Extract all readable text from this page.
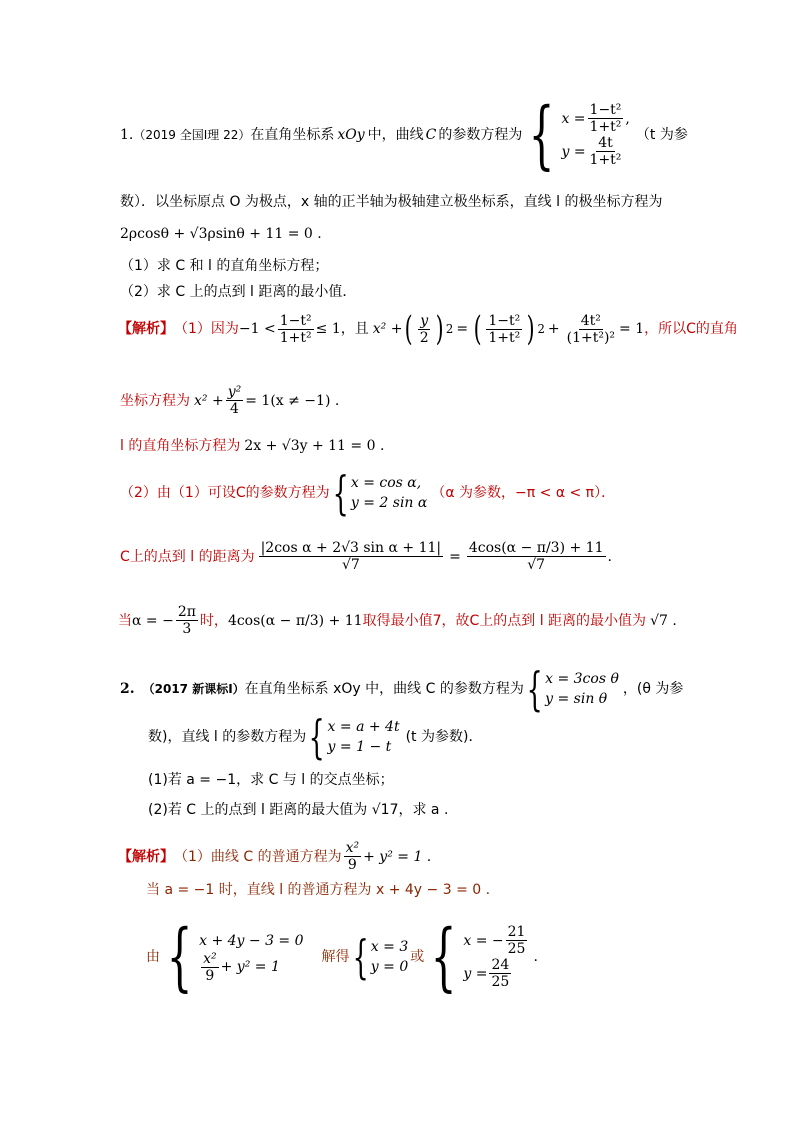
1. （2019 全国Ⅰ理 22） 在直角坐标系 xOy 中，曲线 C 的参数方程为 { $x = \frac{\text{1−t²}}{\text{1+t²}}$ ,
$y = \frac{4t}{\text{1+t²}} (t$ 为参
数）．以坐标原点 O 为极点，x 轴的正半轴为极轴建立极坐标系，直线 l 的极坐标方程为
2ρcosθ + √3ρsinθ + 11 = 0 .
（1）求 C 和 l 的直角坐标方程；
（2）求 C 上的点到 l 距离的最小值．
【解析】 （1）因为 $-1 < \frac{\text{1−t²}}{\text{1+t²}} \le 1$，且 x² + ( $\frac{y}{2}$ ) 2 = ( $\frac{\text{1−t²}}{\text{1+t²}}$ ) $2 + \frac{\text{4t²}}{\text{(1+t²)²}} = 1$ ，所以C的直角
坐标方程为 $x^2 + \frac{\text{y²}}{4} = 1(x \ne -1)$ .
l 的直角坐标方程为 2x + √3y + 11 = 0 .
（2）由（1）可设C的参数方程为 { x = cos α,
y = 2 sin α
（α 为参数，−π < α < π）．
C上的点到 l 的距离为 $\frac{\text{|2cos α + 2√3 sin α + 11|}}{√7} = \frac{4\cos(\alpha - \pi/3) + 11}{√7}$ .
当 α = − $\frac{2\pi}{3}$ 时， 4cos(α − π/3) + 11 取得最小值7，故C上的点到 l 距离的最小值为 √7 .
2. （2017 新课标Ⅰ） 在直角坐标系 xOy 中，曲线 C 的参数方程为 { x = 3cos θ
y = sin θ
，(θ 为参
数)，直线 l 的参数方程为 { x = a + 4t
y = 1 − t
(t 为参数)．
(1)若 a = −1，求 C 与 l 的交点坐标；
(2)若 C 上的点到 l 距离的最大值为 √17，求 a .
【解析】 （1）曲线 C 的普通方程为 $\frac{\text{x²}}{9} + y^2 = 1$ .
当 a = −1 时，直线 l 的普通方程为 x + 4y − 3 = 0 .
由 { x + 4y − 3 = 0
$\frac{\text{x²}}{9} + y^2 = 1$
解得 { x = 3
y = 0
或 { x = − $\frac{21}{25}$
$y = \frac{24}{25}$ .
